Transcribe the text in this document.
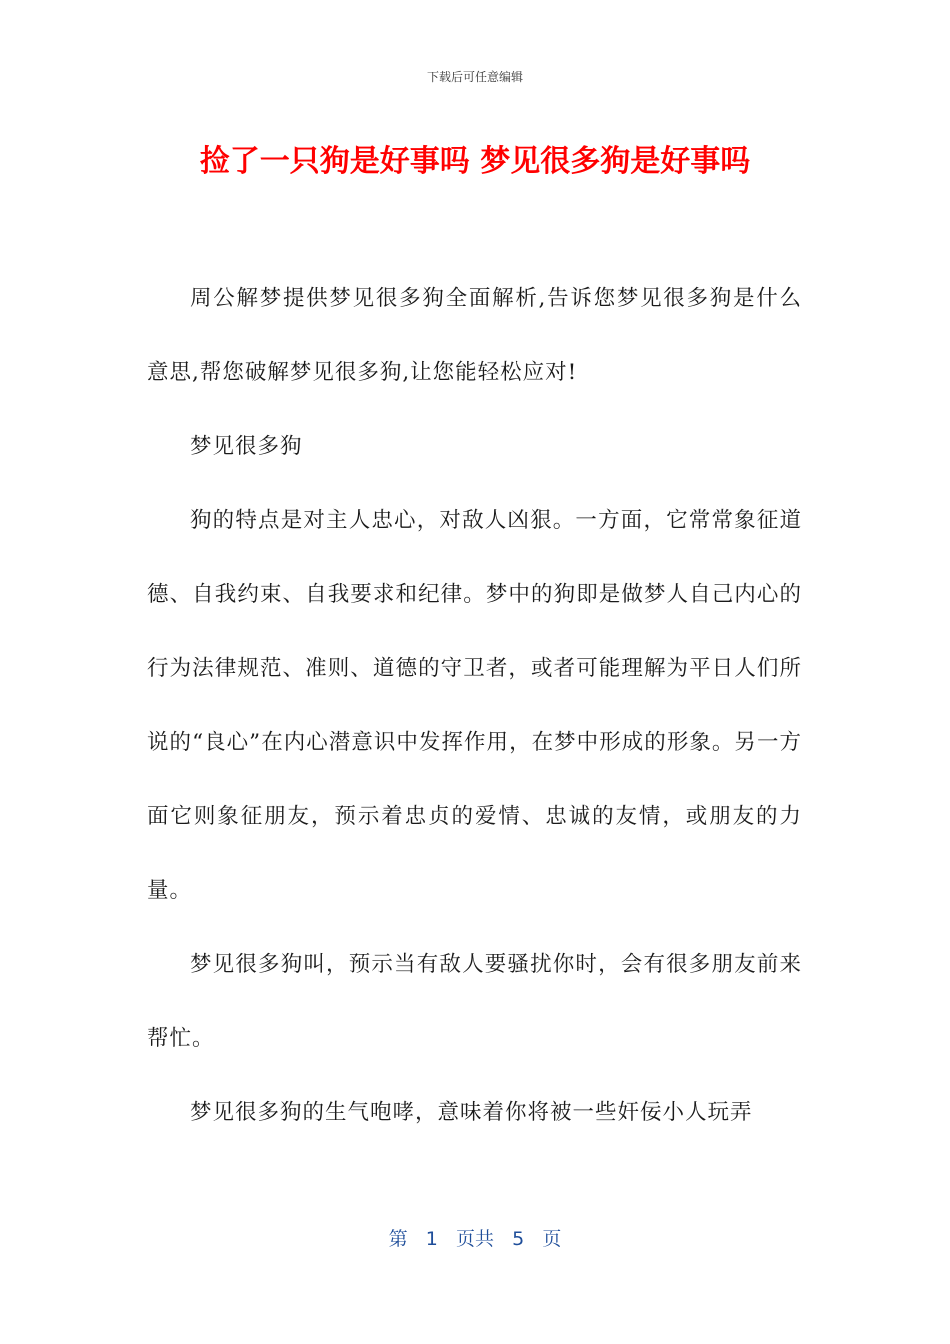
下载后可任意编辑
捡了一只狗是好事吗 梦见很多狗是好事吗

周公解梦提供梦见很多狗全面解析,告诉您梦见很多狗是什么意思,帮您破解梦见很多狗,让您能轻松应对!

梦见很多狗

狗的特点是对主人忠心，对敌人凶狠。一方面，它常常象征道德、自我约束、自我要求和纪律。梦中的狗即是做梦人自己内心的行为法律规范、准则、道德的守卫者，或者可能理解为平日人们所说的“良心”在内心潜意识中发挥作用，在梦中形成的形象。另一方面它则象征朋友，预示着忠贞的爱情、忠诚的友情，或朋友的力量。

梦见很多狗叫，预示当有敌人要骚扰你时，会有很多朋友前来帮忙。

梦见很多狗的生气咆哮，意味着你将被一些奸佞小人玩弄

第 1 页共 5 页
